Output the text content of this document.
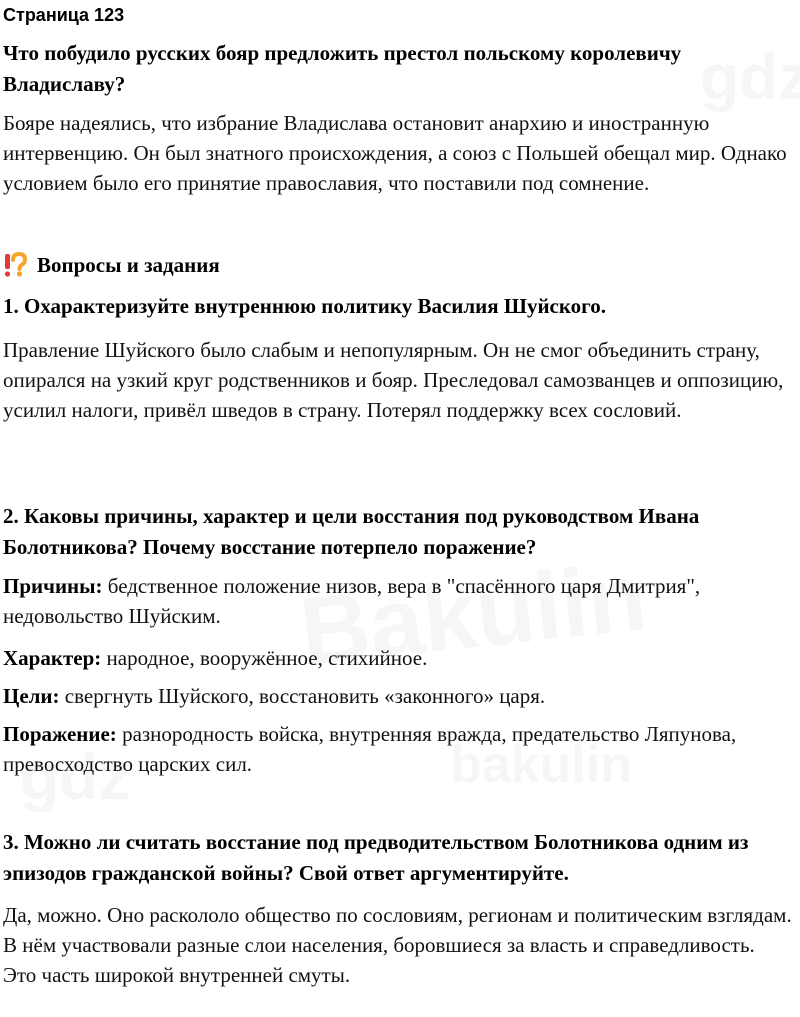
Страница 123

Что побудило русских бояр предложить престол польскому королевичу Владиславу?

Бояре надеялись, что избрание Владислава остановит анархию и иностранную интервенцию. Он был знатного происхождения, а союз с Польшей обещал мир. Однако условием было его принятие православия, что поставили под сомнение.

Вопросы и задания

1. Охарактеризуйте внутреннюю политику Василия Шуйского.

Правление Шуйского было слабым и непопулярным. Он не смог объединить страну, опирался на узкий круг родственников и бояр. Преследовал самозванцев и оппозицию, усилил налоги, привёл шведов в страну. Потерял поддержку всех сословий.

2. Каковы причины, характер и цели восстания под руководством Ивана Болотникова? Почему восстание потерпело поражение?

Причины: бедственное положение низов, вера в "спасённого царя Дмитрия", недовольство Шуйским.

Характер: народное, вооружённое, стихийное.

Цели: свергнуть Шуйского, восстановить «законного» царя.

Поражение: разнородность войска, внутренняя вражда, предательство Ляпунова, превосходство царских сил.

3. Можно ли считать восстание под предводительством Болотникова одним из эпизодов гражданской войны? Свой ответ аргументируйте.

Да, можно. Оно раскололо общество по сословиям, регионам и политическим взглядам. В нём участвовали разные слои населения, боровшиеся за власть и справедливость. Это часть широкой внутренней смуты.
